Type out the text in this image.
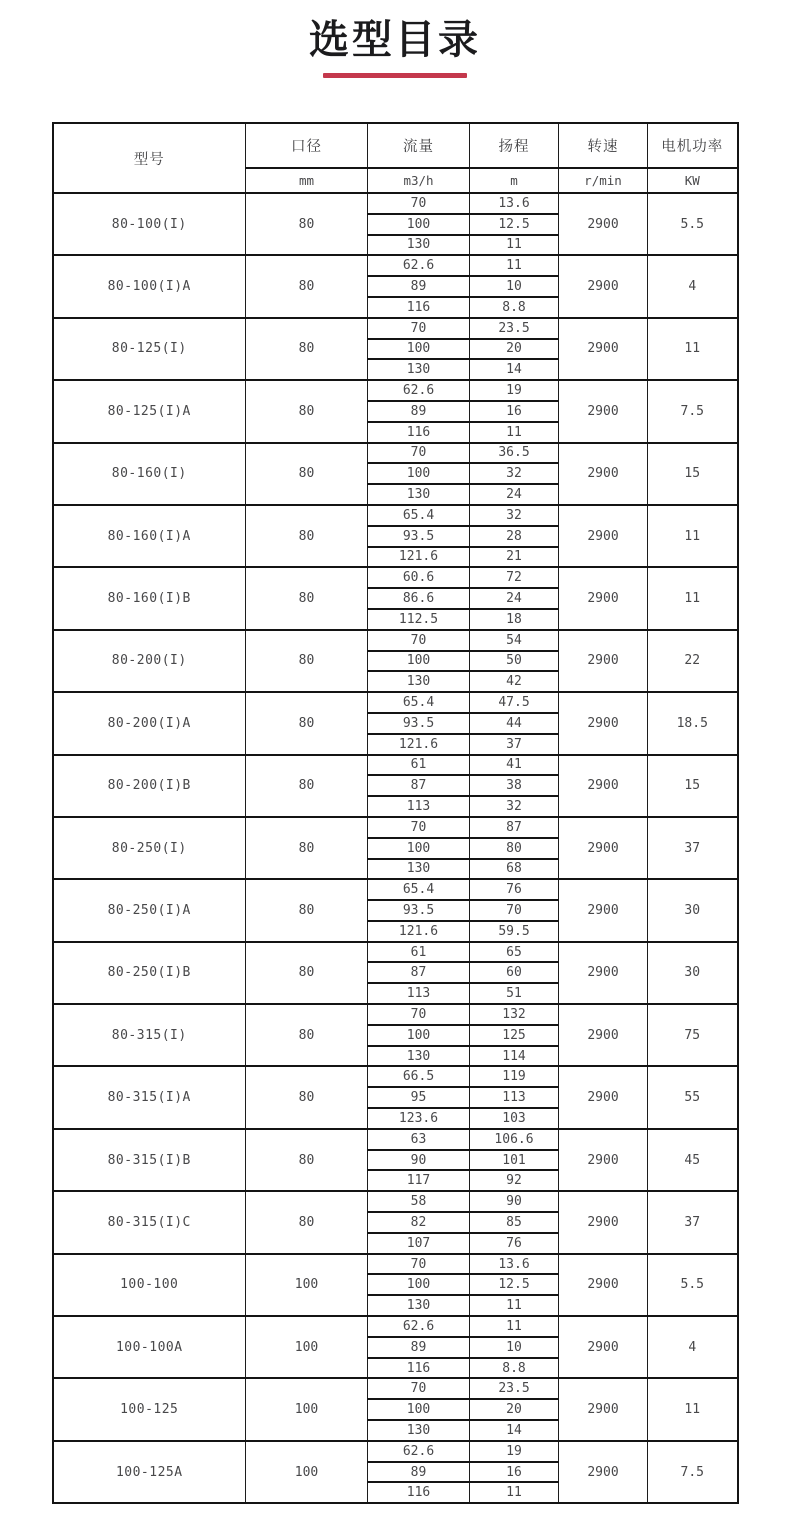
选型目录
型号	口径	流量	扬程	转速	电机功率
	mm	m3/h	m	r/min	KW
80-100(I)	80	70	13.6	2900	5.5
		100	12.5		
		130	11		
80-100(I)A	80	62.6	11	2900	4
		89	10		
		116	8.8		
80-125(I)	80	70	23.5	2900	11
		100	20		
		130	14		
80-125(I)A	80	62.6	19	2900	7.5
		89	16		
		116	11		
80-160(I)	80	70	36.5	2900	15
		100	32		
		130	24		
80-160(I)A	80	65.4	32	2900	11
		93.5	28		
		121.6	21		
80-160(I)B	80	60.6	72	2900	11
		86.6	24		
		112.5	18		
80-200(I)	80	70	54	2900	22
		100	50		
		130	42		
80-200(I)A	80	65.4	47.5	2900	18.5
		93.5	44		
		121.6	37		
80-200(I)B	80	61	41	2900	15
		87	38		
		113	32		
80-250(I)	80	70	87	2900	37
		100	80		
		130	68		
80-250(I)A	80	65.4	76	2900	30
		93.5	70		
		121.6	59.5		
80-250(I)B	80	61	65	2900	30
		87	60		
		113	51		
80-315(I)	80	70	132	2900	75
		100	125		
		130	114		
80-315(I)A	80	66.5	119	2900	55
		95	113		
		123.6	103		
80-315(I)B	80	63	106.6	2900	45
		90	101		
		117	92		
80-315(I)C	80	58	90	2900	37
		82	85		
		107	76		
100-100	100	70	13.6	2900	5.5
		100	12.5		
		130	11		
100-100A	100	62.6	11	2900	4
		89	10		
		116	8.8		
100-125	100	70	23.5	2900	11
		100	20		
		130	14		
100-125A	100	62.6	19	2900	7.5
		89	16		
		116	11		
